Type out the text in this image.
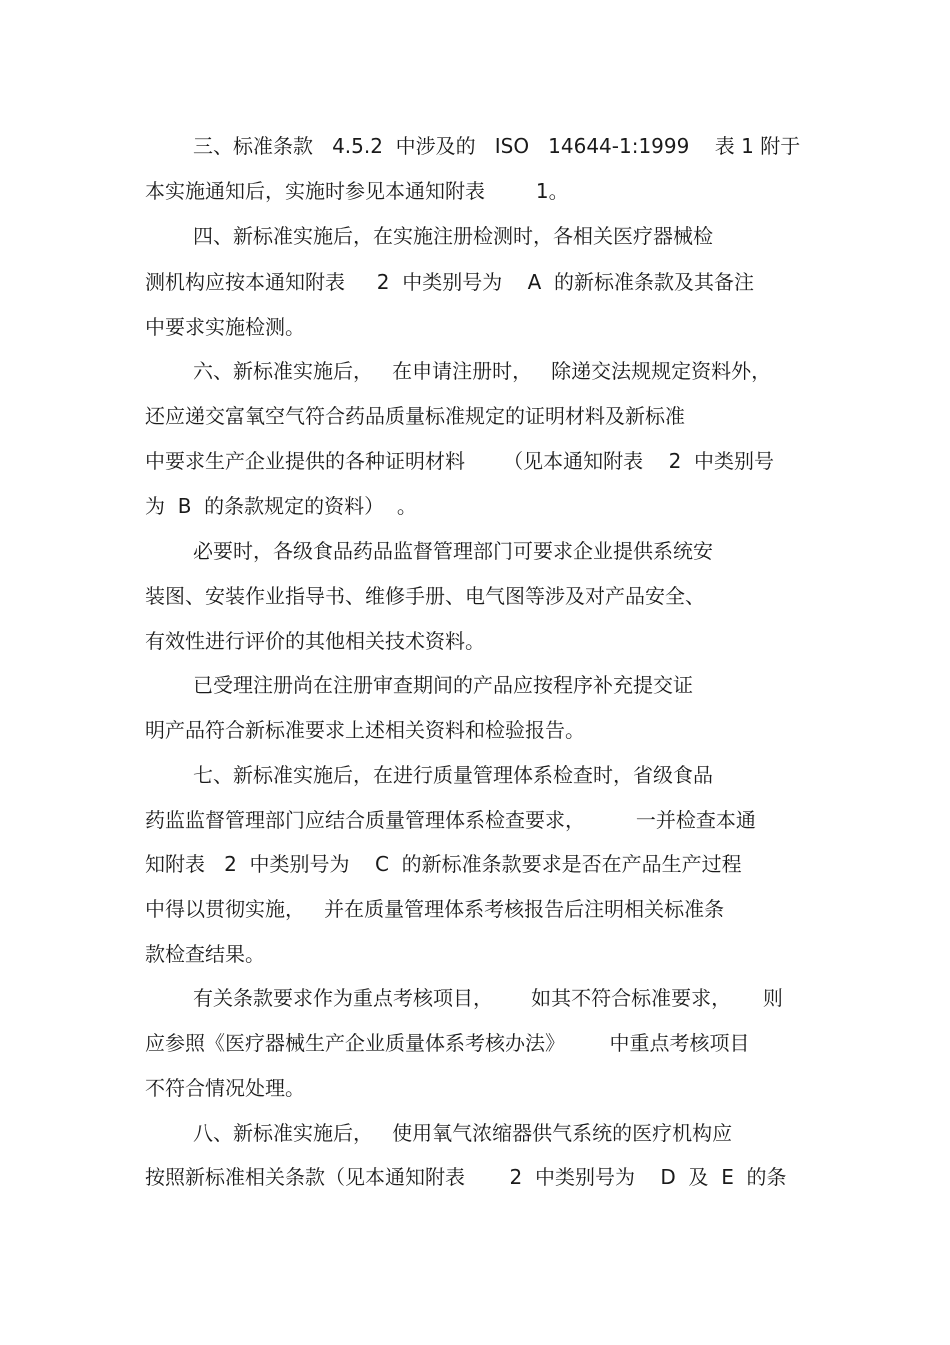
三、标准条款   4.5.2  中涉及的   ISO   14644-1:1999    表 1 附于

本实施通知后，实施时参见本通知附表        1。

四、新标准实施后，在实施注册检测时，各相关医疗器械检

测机构应按本通知附表     2  中类别号为    A  的新标准条款及其备注

中要求实施检测。

六、新标准实施后，   在申请注册时，   除递交法规规定资料外，

还应递交富氧空气符合药品质量标准规定的证明材料及新标准

中要求生产企业提供的各种证明材料      （见本通知附表    2  中类别号

为  B  的条款规定的资料）  。

必要时，各级食品药品监督管理部门可要求企业提供系统安

装图、安装作业指导书、维修手册、电气图等涉及对产品安全、

有效性进行评价的其他相关技术资料。

已受理注册尚在注册审查期间的产品应按程序补充提交证

明产品符合新标准要求上述相关资料和检验报告。

七、新标准实施后，在进行质量管理体系检查时，省级食品

药监监督管理部门应结合质量管理体系检查要求，        一并检查本通

知附表   2  中类别号为    C  的新标准条款要求是否在产品生产过程

中得以贯彻实施，   并在质量管理体系考核报告后注明相关标准条

款检查结果。

有关条款要求作为重点考核项目，      如其不符合标准要求，     则

应参照《医疗器械生产企业质量体系考核办法》       中重点考核项目

不符合情况处理。

八、新标准实施后，   使用氧气浓缩器供气系统的医疗机构应

按照新标准相关条款（见本通知附表       2  中类别号为    D  及  E  的条
